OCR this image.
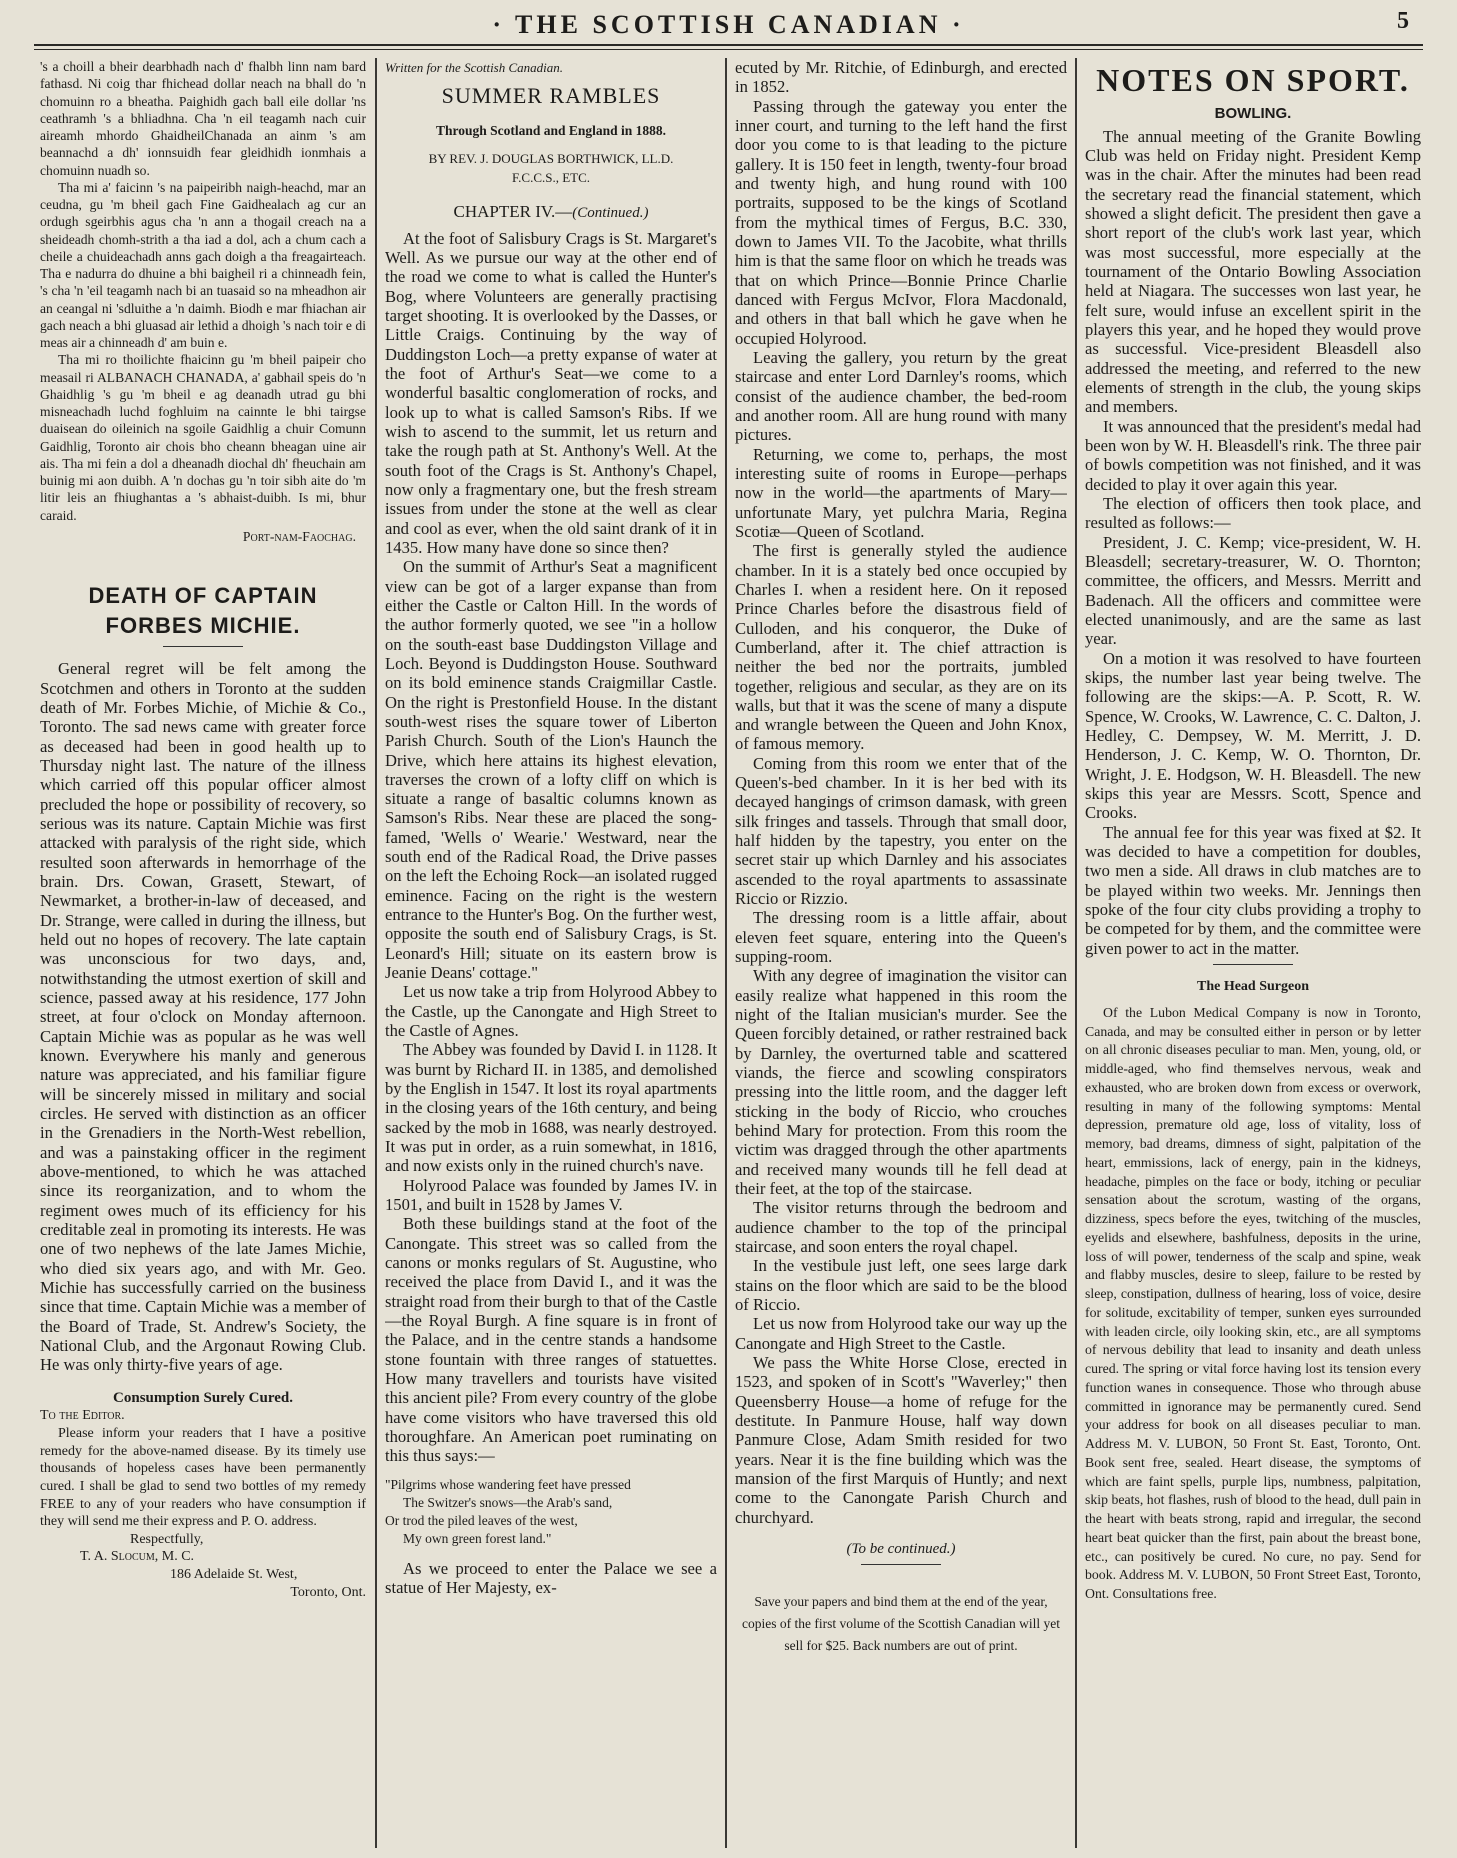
· THE SCOTTISH CANADIAN ·	5

's a choill a bheir dearbhadh nach d' fhalbh linn nam bard fathasd. Ni coig thar fhichead dollar neach na bhall do 'n chomuinn ro a bheatha. Paighidh gach ball eile dollar 'ns ceathramh 's a bhliadhna. Cha 'n eil teagamh nach cuir aireamh mhordo GhaidheilChanada an ainm 's am beannachd a dh' ionnsuidh fear gleidhidh ionmhais a chomuinn nuadh so.

Tha mi a' faicinn 's na paipeiribh naigh-heachd, mar an ceudna, gu 'm bheil gach Fine Gaidhealach ag cur an ordugh sgeirbhis agus cha 'n ann a thogail creach na a sheideadh chomh-strith a tha iad a dol, ach a chum cach a cheile a chuideachadh anns gach doigh a tha freagairteach. Tha e nadurra do dhuine a bhi baigheil ri a chinneadh fein, 's cha 'n 'eil teagamh nach bi an tuasaid so na mheadhon air an ceangal ni 'sdluithe a 'n daimh. Biodh e mar fhiachan air gach neach a bhi gluasad air lethid a dhoigh 's nach toir e di meas air a chinneadh d' am buin e.

Tha mi ro thoilichte fhaicinn gu 'm bheil paipeir cho measail ri ALBANACH CHANADA, a' gabhail speis do 'n Ghaidhlig 's gu 'm bheil e ag deanadh utrad gu bhi misneachadh luchd foghluim na cainnte le bhi tairgse duaisean do oileinich na sgoile Gaidhlig a chuir Comunn Gaidhlig, Toronto air chois bho cheann bheagan uine air ais. Tha mi fein a dol a dheanadh diochal dh' fheuchain am buinig mi aon duibh. A 'n dochas gu 'n toir sibh aite do 'm litir leis an fhiughantas a 's abhaist-duibh. Is mi, bhur caraid.

Port-nam-Faochag.

DEATH OF CAPTAIN
FORBES MICHIE.

General regret will be felt among the Scotchmen and others in Toronto at the sudden death of Mr. Forbes Michie, of Michie & Co., Toronto. The sad news came with greater force as deceased had been in good health up to Thursday night last. The nature of the illness which carried off this popular officer almost precluded the hope or possibility of recovery, so serious was its nature. Captain Michie was first attacked with paralysis of the right side, which resulted soon afterwards in hemorrhage of the brain. Drs. Cowan, Grasett, Stewart, of Newmarket, a brother-in-law of deceased, and Dr. Strange, were called in during the illness, but held out no hopes of recovery. The late captain was unconscious for two days, and, notwithstanding the utmost exertion of skill and science, passed away at his residence, 177 John street, at four o'clock on Monday afternoon. Captain Michie was as popular as he was well known. Everywhere his manly and generous nature was appreciated, and his familiar figure will be sincerely missed in military and social circles. He served with distinction as an officer in the Grenadiers in the North-West rebellion, and was a painstaking officer in the regiment above-mentioned, to which he was attached since its reorganization, and to whom the regiment owes much of its efficiency for his creditable zeal in promoting its interests. He was one of two nephews of the late James Michie, who died six years ago, and with Mr. Geo. Michie has successfully carried on the business since that time. Captain Michie was a member of the Board of Trade, St. Andrew's Society, the National Club, and the Argonaut Rowing Club. He was only thirty-five years of age.

Consumption Surely Cured.

To the Editor.

Please inform your readers that I have a positive remedy for the above-named disease. By its timely use thousands of hopeless cases have been permanently cured. I shall be glad to send two bottles of my remedy FREE to any of your readers who have consumption if they will send me their express and P. O. address.

Respectfully,

T. A. Slocum, M. C.

186 Adelaide St. West,

Toronto, Ont.

Written for the Scottish Canadian.
SUMMER RAMBLES
Through Scotland and England in 1888.
BY REV. J. DOUGLAS BORTHWICK, LL.D.
F.C.C.S., ETC.
CHAPTER IV.—(Continued.)

At the foot of Salisbury Crags is St. Margaret's Well. As we pursue our way at the other end of the road we come to what is called the Hunter's Bog, where Volunteers are generally practising target shooting. It is overlooked by the Dasses, or Little Craigs. Continuing by the way of Duddingston Loch—a pretty expanse of water at the foot of Arthur's Seat—we come to a wonderful basaltic conglomeration of rocks, and look up to what is called Samson's Ribs. If we wish to ascend to the summit, let us return and take the rough path at St. Anthony's Well. At the south foot of the Crags is St. Anthony's Chapel, now only a fragmentary one, but the fresh stream issues from under the stone at the well as clear and cool as ever, when the old saint drank of it in 1435. How many have done so since then?

On the summit of Arthur's Seat a magnificent view can be got of a larger expanse than from either the Castle or Calton Hill. In the words of the author formerly quoted, we see "in a hollow on the south-east base Duddingston Village and Loch. Beyond is Duddingston House. Southward on its bold eminence stands Craigmillar Castle. On the right is Prestonfield House. In the distant south-west rises the square tower of Liberton Parish Church. South of the Lion's Haunch the Drive, which here attains its highest elevation, traverses the crown of a lofty cliff on which is situate a range of basaltic columns known as Samson's Ribs. Near these are placed the song-famed, 'Wells o' Wearie.' Westward, near the south end of the Radical Road, the Drive passes on the left the Echoing Rock—an isolated rugged eminence. Facing on the right is the western entrance to the Hunter's Bog. On the further west, opposite the south end of Salisbury Crags, is St. Leonard's Hill; situate on its eastern brow is Jeanie Deans' cottage."

Let us now take a trip from Holyrood Abbey to the Castle, up the Canongate and High Street to the Castle of Agnes.

The Abbey was founded by David I. in 1128. It was burnt by Richard II. in 1385, and demolished by the English in 1547. It lost its royal apartments in the closing years of the 16th century, and being sacked by the mob in 1688, was nearly destroyed. It was put in order, as a ruin somewhat, in 1816, and now exists only in the ruined church's nave.

Holyrood Palace was founded by James IV. in 1501, and built in 1528 by James V.

Both these buildings stand at the foot of the Canongate. This street was so called from the canons or monks regulars of St. Augustine, who received the place from David I., and it was the straight road from their burgh to that of the Castle—the Royal Burgh. A fine square is in front of the Palace, and in the centre stands a handsome stone fountain with three ranges of statuettes. How many travellers and tourists have visited this ancient pile? From every country of the globe have come visitors who have traversed this old thoroughfare. An American poet ruminating on this thus says:—

"Pilgrims whose wandering feet have pressed
The Switzer's snows—the Arab's sand,
Or trod the piled leaves of the west,
My own green forest land."

As we proceed to enter the Palace we see a statue of Her Majesty, ex-

ecuted by Mr. Ritchie, of Edinburgh, and erected in 1852.

Passing through the gateway you enter the inner court, and turning to the left hand the first door you come to is that leading to the picture gallery. It is 150 feet in length, twenty-four broad and twenty high, and hung round with 100 portraits, supposed to be the kings of Scotland from the mythical times of Fergus, B.C. 330, down to James VII. To the Jacobite, what thrills him is that the same floor on which he treads was that on which Prince—Bonnie Prince Charlie danced with Fergus McIvor, Flora Macdonald, and others in that ball which he gave when he occupied Holyrood.

Leaving the gallery, you return by the great staircase and enter Lord Darnley's rooms, which consist of the audience chamber, the bed-room and another room. All are hung round with many pictures.

Returning, we come to, perhaps, the most interesting suite of rooms in Europe—perhaps now in the world—the apartments of Mary—unfortunate Mary, yet pulchra Maria, Regina Scotiæ—Queen of Scotland.

The first is generally styled the audience chamber. In it is a stately bed once occupied by Charles I. when a resident here. On it reposed Prince Charles before the disastrous field of Culloden, and his conqueror, the Duke of Cumberland, after it. The chief attraction is neither the bed nor the portraits, jumbled together, religious and secular, as they are on its walls, but that it was the scene of many a dispute and wrangle between the Queen and John Knox, of famous memory.

Coming from this room we enter that of the Queen's-bed chamber. In it is her bed with its decayed hangings of crimson damask, with green silk fringes and tassels. Through that small door, half hidden by the tapestry, you enter on the secret stair up which Darnley and his associates ascended to the royal apartments to assassinate Riccio or Rizzio.

The dressing room is a little affair, about eleven feet square, entering into the Queen's supping-room.

With any degree of imagination the visitor can easily realize what happened in this room the night of the Italian musician's murder. See the Queen forcibly detained, or rather restrained back by Darnley, the overturned table and scattered viands, the fierce and scowling conspirators pressing into the little room, and the dagger left sticking in the body of Riccio, who crouches behind Mary for protection. From this room the victim was dragged through the other apartments and received many wounds till he fell dead at their feet, at the top of the staircase.

The visitor returns through the bedroom and audience chamber to the top of the principal staircase, and soon enters the royal chapel.

In the vestibule just left, one sees large dark stains on the floor which are said to be the blood of Riccio.

Let us now from Holyrood take our way up the Canongate and High Street to the Castle.

We pass the White Horse Close, erected in 1523, and spoken of in Scott's "Waverley;" then Queensberry House—a home of refuge for the destitute. In Panmure House, half way down Panmure Close, Adam Smith resided for two years. Near it is the fine building which was the mansion of the first Marquis of Huntly; and next come to the Canongate Parish Church and churchyard.

(To be continued.)
Save your papers and bind them at the end of the year, copies of the first volume of the Scottish Canadian will yet sell for $25. Back numbers are out of print.
NOTES ON SPORT.
BOWLING.

The annual meeting of the Granite Bowling Club was held on Friday night. President Kemp was in the chair. After the minutes had been read the secretary read the financial statement, which showed a slight deficit. The president then gave a short report of the club's work last year, which was most successful, more especially at the tournament of the Ontario Bowling Association held at Niagara. The successes won last year, he felt sure, would infuse an excellent spirit in the players this year, and he hoped they would prove as successful. Vice-president Bleasdell also addressed the meeting, and referred to the new elements of strength in the club, the young skips and members.

It was announced that the president's medal had been won by W. H. Bleasdell's rink. The three pair of bowls competition was not finished, and it was decided to play it over again this year.

The election of officers then took place, and resulted as follows:—

President, J. C. Kemp; vice-president, W. H. Bleasdell; secretary-treasurer, W. O. Thornton; committee, the officers, and Messrs. Merritt and Badenach. All the officers and committee were elected unanimously, and are the same as last year.

On a motion it was resolved to have fourteen skips, the number last year being twelve. The following are the skips:—A. P. Scott, R. W. Spence, W. Crooks, W. Lawrence, C. C. Dalton, J. Hedley, C. Dempsey, W. M. Merritt, J. D. Henderson, J. C. Kemp, W. O. Thornton, Dr. Wright, J. E. Hodgson, W. H. Bleasdell. The new skips this year are Messrs. Scott, Spence and Crooks.

The annual fee for this year was fixed at $2. It was decided to have a competition for doubles, two men a side. All draws in club matches are to be played within two weeks. Mr. Jennings then spoke of the four city clubs providing a trophy to be competed for by them, and the committee were given power to act in the matter.

The Head Surgeon

Of the Lubon Medical Company is now in Toronto, Canada, and may be consulted either in person or by letter on all chronic diseases peculiar to man. Men, young, old, or middle-aged, who find themselves nervous, weak and exhausted, who are broken down from excess or overwork, resulting in many of the following symptoms: Mental depression, premature old age, loss of vitality, loss of memory, bad dreams, dimness of sight, palpitation of the heart, emmissions, lack of energy, pain in the kidneys, headache, pimples on the face or body, itching or peculiar sensation about the scrotum, wasting of the organs, dizziness, specs before the eyes, twitching of the muscles, eyelids and elsewhere, bashfulness, deposits in the urine, loss of will power, tenderness of the scalp and spine, weak and flabby muscles, desire to sleep, failure to be rested by sleep, constipation, dullness of hearing, loss of voice, desire for solitude, excitability of temper, sunken eyes surrounded with leaden circle, oily looking skin, etc., are all symptoms of nervous debility that lead to insanity and death unless cured. The spring or vital force having lost its tension every function wanes in consequence. Those who through abuse committed in ignorance may be permanently cured. Send your address for book on all diseases peculiar to man. Address M. V. LUBON, 50 Front St. East, Toronto, Ont. Book sent free, sealed. Heart disease, the symptoms of which are faint spells, purple lips, numbness, palpitation, skip beats, hot flashes, rush of blood to the head, dull pain in the heart with beats strong, rapid and irregular, the second heart beat quicker than the first, pain about the breast bone, etc., can positively be cured. No cure, no pay. Send for book. Address M. V. LUBON, 50 Front Street East, Toronto, Ont. Consultations free.
